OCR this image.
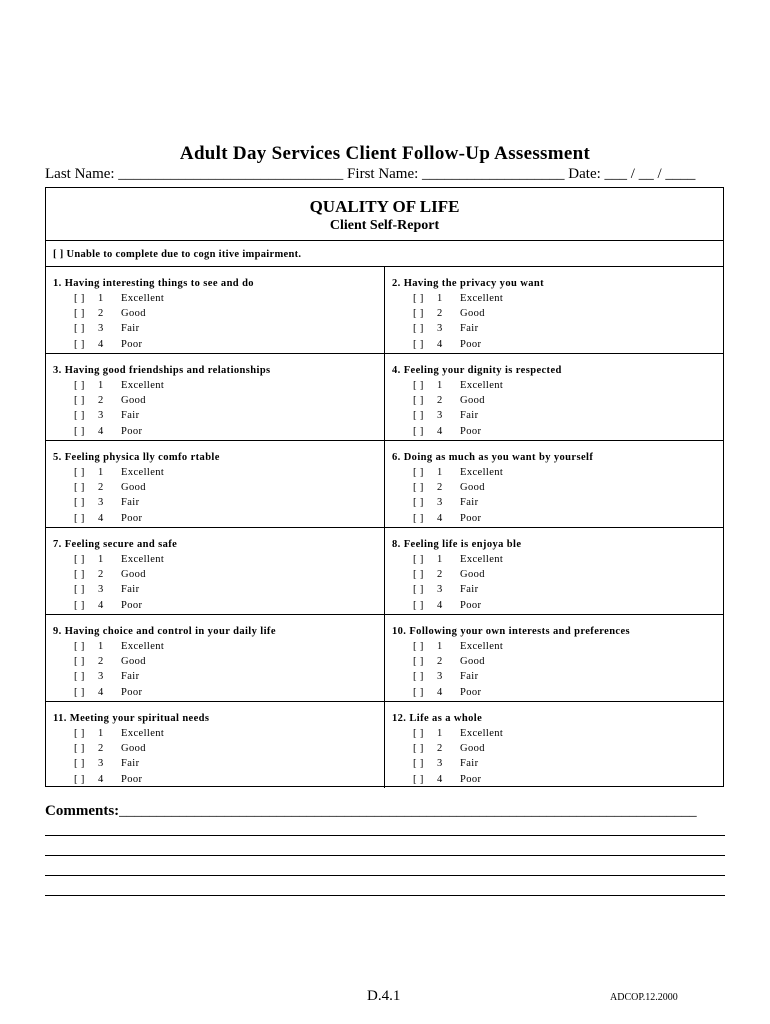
Adult Day Services Client Follow-Up Assessment
Last Name: ______________________________ First Name: ___________________ Date: ___ / __ / ____
QUALITY OF LIFE
Client Self-Report
[ ] Unable to complete due to cogn itive impairment.
1. Having interesting things to see and do
[ ]	1	Excellent
[ ]	2	Good
[ ]	3	Fair
[ ]	4	Poor
2. Having the privacy you want
[ ]	1	Excellent
[ ]	2	Good
[ ]	3	Fair
[ ]	4	Poor
3. Having good friendships and relationships
[ ]	1	Excellent
[ ]	2	Good
[ ]	3	Fair
[ ]	4	Poor
4. Feeling your dignity is respected
[ ]	1	Excellent
[ ]	2	Good
[ ]	3	Fair
[ ]	4	Poor
5. Feeling physica lly comfo rtable
[ ]	1	Excellent
[ ]	2	Good
[ ]	3	Fair
[ ]	4	Poor
6. Doing as much as you want by yourself
[ ]	1	Excellent
[ ]	2	Good
[ ]	3	Fair
[ ]	4	Poor
7. Feeling secure and safe
[ ]	1	Excellent
[ ]	2	Good
[ ]	3	Fair
[ ]	4	Poor
8. Feeling life is enjoya ble
[ ]	1	Excellent
[ ]	2	Good
[ ]	3	Fair
[ ]	4	Poor
9. Having choice and control in your daily life
[ ]	1	Excellent
[ ]	2	Good
[ ]	3	Fair
[ ]	4	Poor
10. Following your own interests and preferences
[ ]	1	Excellent
[ ]	2	Good
[ ]	3	Fair
[ ]	4	Poor
11. Meeting your spiritual needs
[ ]	1	Excellent
[ ]	2	Good
[ ]	3	Fair
[ ]	4	Poor
12. Life as a whole
[ ]	1	Excellent
[ ]	2	Good
[ ]	3	Fair
[ ]	4	Poor
Comments:_____________________________________________________________________________
D.4.1	ADCOP.12.2000
